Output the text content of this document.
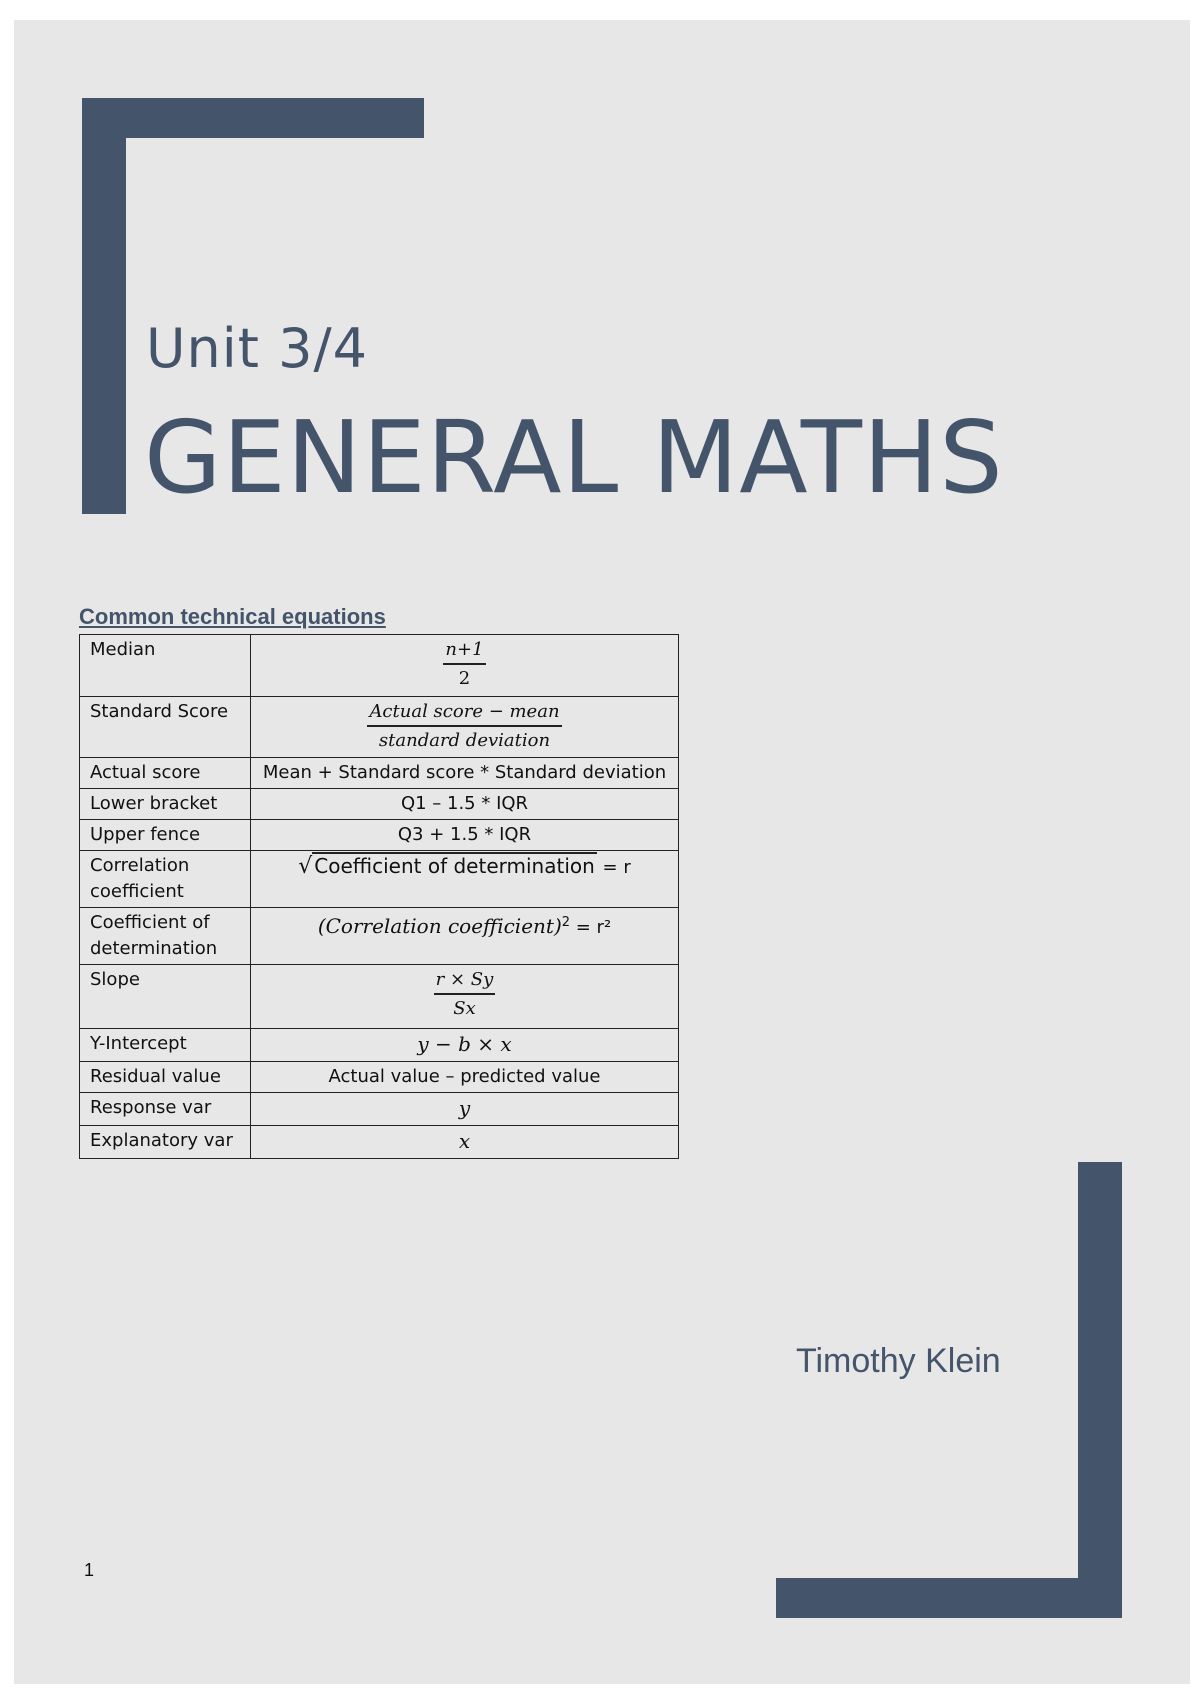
Unit 3/4
GENERAL MATHS
Common technical equations
Median	$\frac{n+1}{2}$

Standard Score	$\frac{\text{Actual score − mean}}{\text{standard deviation}}$

Actual score	Mean + Standard score * Standard deviation
Lower bracket	Q1 – 1.5 * IQR
Upper fence	Q3 + 1.5 * IQR
Correlation coefficient	√ Coefficient of determination = r
Coefficient of determination	(Correlation coefficient)$^2$ = r²
Slope	$\frac{r \times Sy}{Sx}$

Y-Intercept	y − b × x
Residual value	Actual value – predicted value
Response var	y
Explanatory var	x
Timothy Klein
1
